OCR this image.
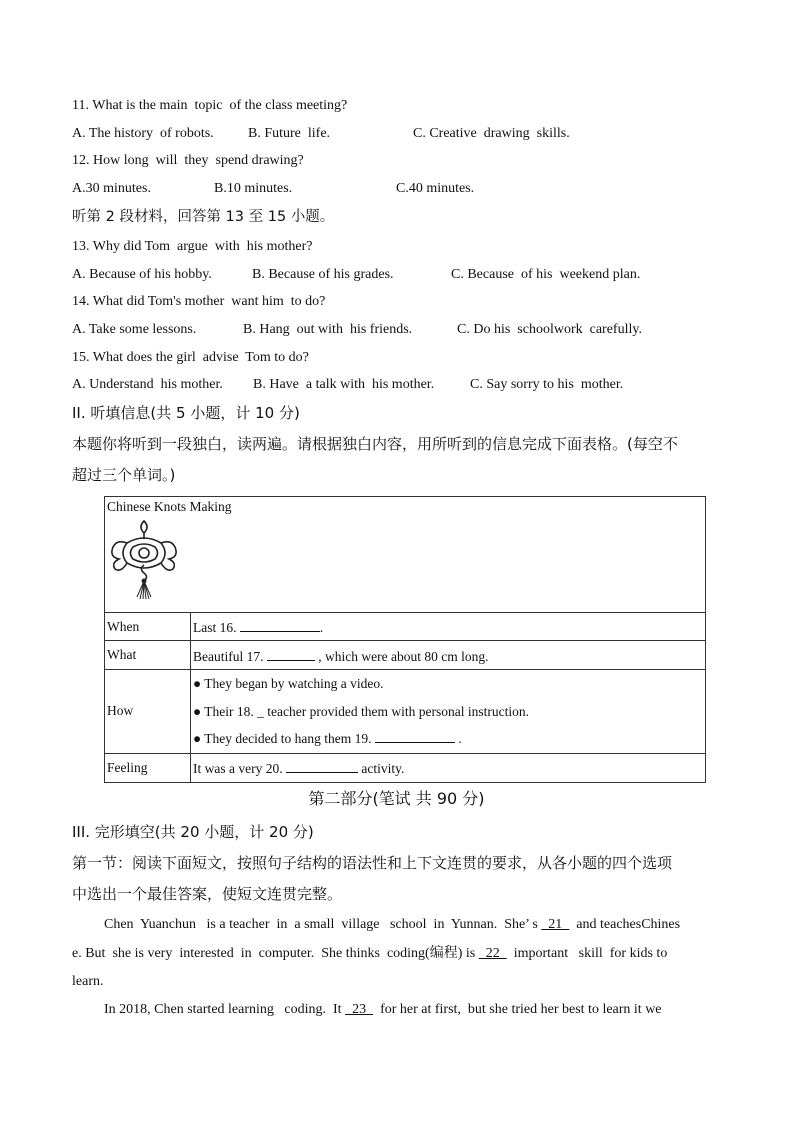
11. What is the main  topic  of the class meeting?
A. The history  of robots. B. Future  life.	C. Creative  drawing  skills.
12. How long  will  they  spend drawing?
A.30 minutes.	B.10 minutes.	C.40 minutes.
听第 2 段材料，回答第 13 至 15 小题。
13. Why did Tom  argue  with  his mother?
A. Because of his hobby.	B. Because of his grades.	C. Because  of his  weekend plan.
14. What did Tom's mother  want him  to do?
A. Take some lessons.	B. Hang  out with  his friends.	C. Do his  schoolwork  carefully.
15. What does the girl  advise  Tom to do?
A. Understand  his mother. B. Have  a talk with  his mother.	C. Say sorry to his  mother.
II. 听填信息(共 5 小题，计 10 分)
本题你将听到一段独白，读两遍。请根据独白内容，用所听到的信息完成下面表格。(每空不
超过三个单词。)
Chinese Knots Making	

When	Last 16. .
What	Beautiful 17. , which were about 80 cm long.
How	● They began by watching a video.
● Their 18. _ teacher provided them with personal instruction.
● They decided to hang them 19. .

Feeling	It was a very 20. activity.
第二部分(笔试 共 90 分)
III. 完形填空(共 20 小题，计 20 分)
第一节：阅读下面短文，按照句子结构的语法性和上下文连贯的要求，从各小题的四个选项
中选出一个最佳答案，使短文连贯完整。
Chen  Yuanchun   is a teacher  in  a small  village   school  in  Yunnan.  She’ s   21    and teachesChines
e. But  she is very  interested  in  computer.  She thinks  coding(编程) is   22    important   skill  for kids to
learn.
In 2018, Chen started learning   coding.  It   23    for her at first,  but she tried her best to learn it we
